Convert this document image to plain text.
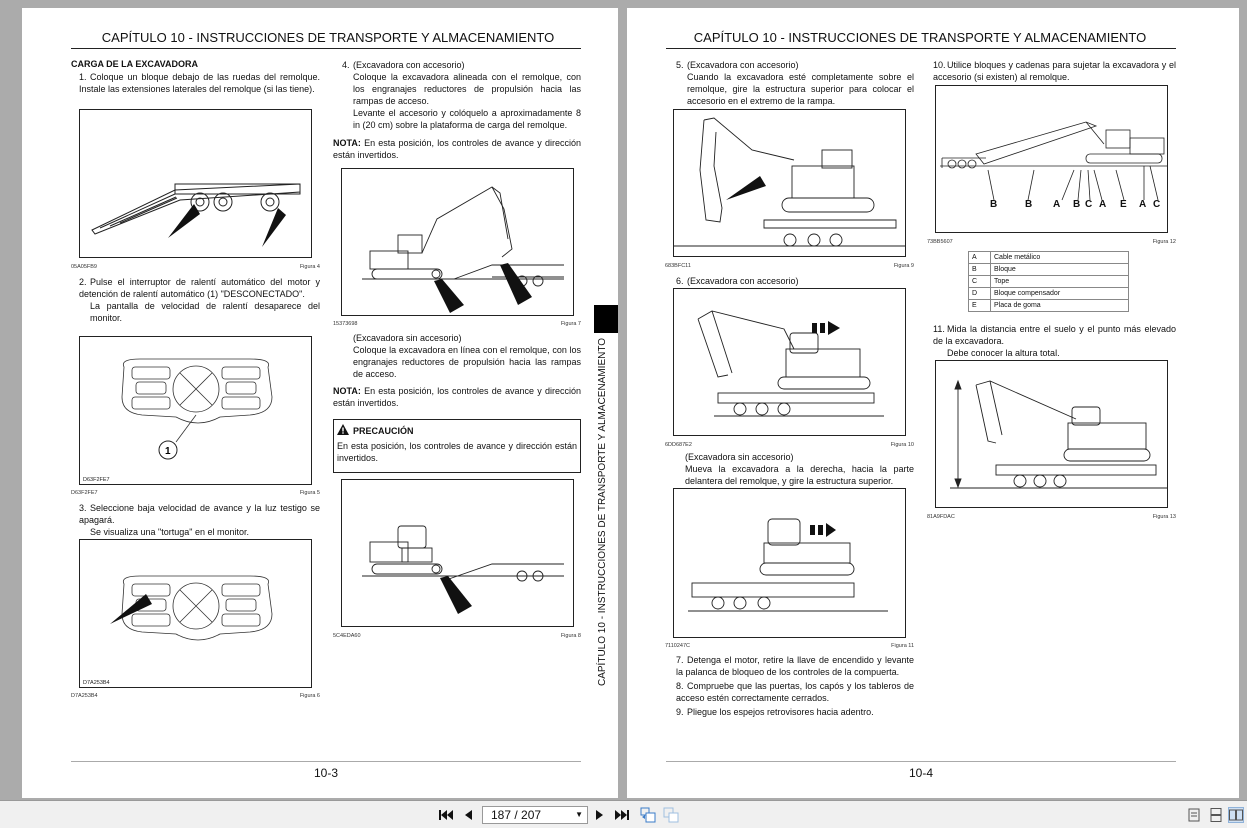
CAPÍTULO 10 - INSTRUCCIONES DE TRANSPORTE Y ALMACENAMIENTO
CARGA DE LA EXCAVADORA
1. Coloque un bloque debajo de las ruedas del remolque. Instale las extensiones laterales del remolque (si las tiene).
05A05FB9	Figura 4
2. Pulse el interruptor de ralentí automático del motor y detención de ralentí automático (1) "DESCONECTADO".
La pantalla de velocidad de ralentí desaparece del monitor.
1
D63F2FE7
D63F2FE7	Figura 5
3. Seleccione baja velocidad de avance y la luz testigo se apagará.
Se visualiza una "tortuga" en el monitor.
D7A253B4
D7A253B4	Figura 6
4. (Excavadora con accesorio)

Coloque la excavadora alineada con el remolque, con los engranajes reductores de propulsión hacia las rampas de acceso.
Levante el accesorio y colóquelo a aproximadamente 8 in (20 cm) sobre la plataforma de carga del remolque.
NOTA: En esta posición, los controles de avance y dirección están invertidos.
15373698	Figura 7
(Excavadora sin accesorio)
Coloque la excavadora en línea con el remolque, con los engranajes reductores de propulsión hacia las rampas de acceso.
NOTA: En esta posición, los controles de avance y dirección están invertidos.
PRECAUCIÓN
En esta posición, los controles de avance y dirección están invertidos.
5C4EDA60	Figura 8
10-3
CAPÍTULO 10 - INSTRUCCIONES DE TRANSPORTE Y ALMACENAMIENTO
CAPÍTULO 10 - INSTRUCCIONES DE TRANSPORTE Y ALMACENAMIENTO
5. (Excavadora con accesorio)

Cuando la excavadora esté completamente sobre el remolque, gire la estructura superior para colocar el accesorio en el extremo de la rampa.
683BFC11	Figura 9
6. (Excavadora con accesorio)
6DD687E2	Figura 10
(Excavadora sin accesorio)
Mueva la excavadora a la derecha, hacia la parte delantera del remolque, y gire la estructura superior.
7110247C	Figura 11
7. Detenga el motor, retire la llave de encendido y levante la palanca de bloqueo de los controles de la compuerta.
8. Compruebe que las puertas, los capós y los tableros de acceso estén correctamente cerrados.
9. Pliegue los espejos retrovisores hacia adentro.
10.Utilice bloques y cadenas para sujetar la excavadora y el accesorio (si existen) al remolque.
B	B A B C A E A C
73BB5607	Figura 12
A	Cable metálico
B	Bloque
C	Tope
D	Bloque compensador
E	Placa de goma
11. Mida la distancia entre el suelo y el punto más elevado de la excavadora.
Debe conocer la altura total.
81A9FDAC	Figura 13
10-4
187 / 207	▼
